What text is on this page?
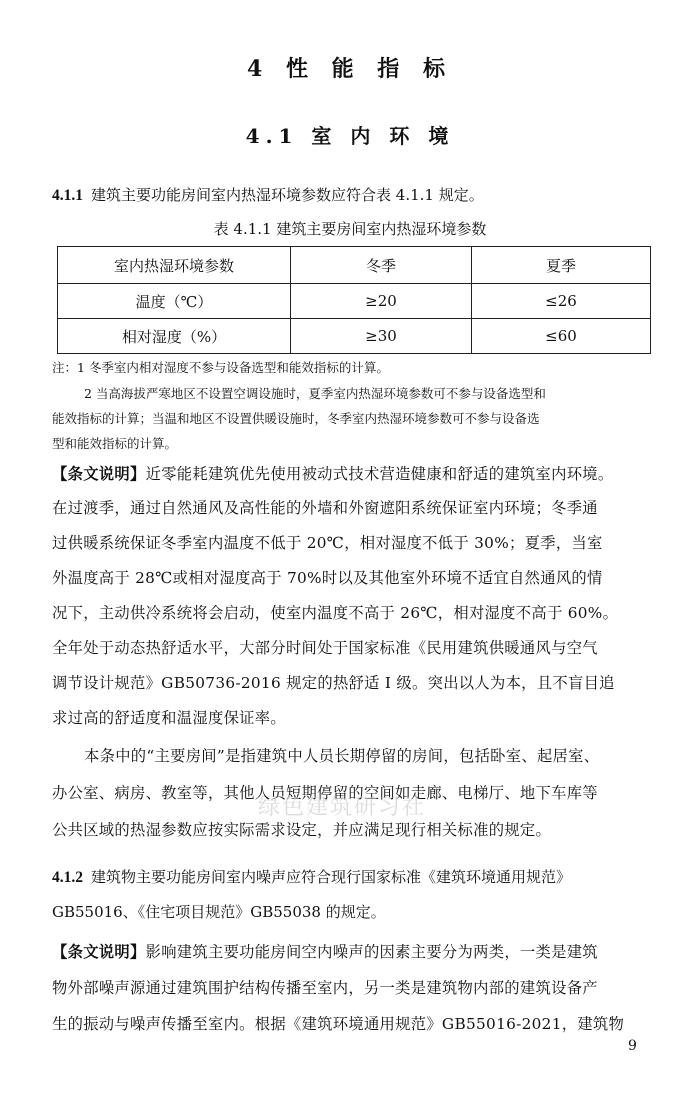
4 性 能 指 标
4.1 室 内 环 境
4.1.1 建筑主要功能房间室内热湿环境参数应符合表 4.1.1 规定。
表 4.1.1 建筑主要房间室内热湿环境参数
室内热湿环境参数	冬季	夏季
温度（℃）	≥20	≤26
相对湿度（%）	≥30	≤60
注：1 冬季室内相对湿度不参与设备选型和能效指标的计算。
2 当高海拔严寒地区不设置空调设施时，夏季室内热湿环境参数可不参与设备选型和
能效指标的计算；当温和地区不设置供暖设施时，冬季室内热湿环境参数可不参与设备选
型和能效指标的计算。
【条文说明】近零能耗建筑优先使用被动式技术营造健康和舒适的建筑室内环境。
在过渡季，通过自然通风及高性能的外墙和外窗遮阳系统保证室内环境；冬季通
过供暖系统保证冬季室内温度不低于 20℃，相对湿度不低于 30%；夏季，当室
外温度高于 28℃或相对湿度高于 70%时以及其他室外环境不适宜自然通风的情
况下，主动供冷系统将会启动，使室内温度不高于 26℃，相对湿度不高于 60%。
全年处于动态热舒适水平，大部分时间处于国家标准《民用建筑供暖通风与空气
调节设计规范》GB50736-2016 规定的热舒适 Ⅰ 级。突出以人为本，且不盲目追
求过高的舒适度和温湿度保证率。
本条中的“主要房间”是指建筑中人员长期停留的房间，包括卧室、起居室、
办公室、病房、教室等，其他人员短期停留的空间如走廊、电梯厅、地下车库等
公共区域的热湿参数应按实际需求设定，并应满足现行相关标准的规定。
4.1.2 建筑物主要功能房间室内噪声应符合现行国家标准《建筑环境通用规范》
GB55016、《住宅项目规范》GB55038 的规定。
【条文说明】影响建筑主要功能房间空内噪声的因素主要分为两类，一类是建筑
物外部噪声源通过建筑围护结构传播至室内，另一类是建筑物内部的建筑设备产
生的振动与噪声传播至室内。根据《建筑环境通用规范》GB55016-2021，建筑物
绿色建筑研习社
9
